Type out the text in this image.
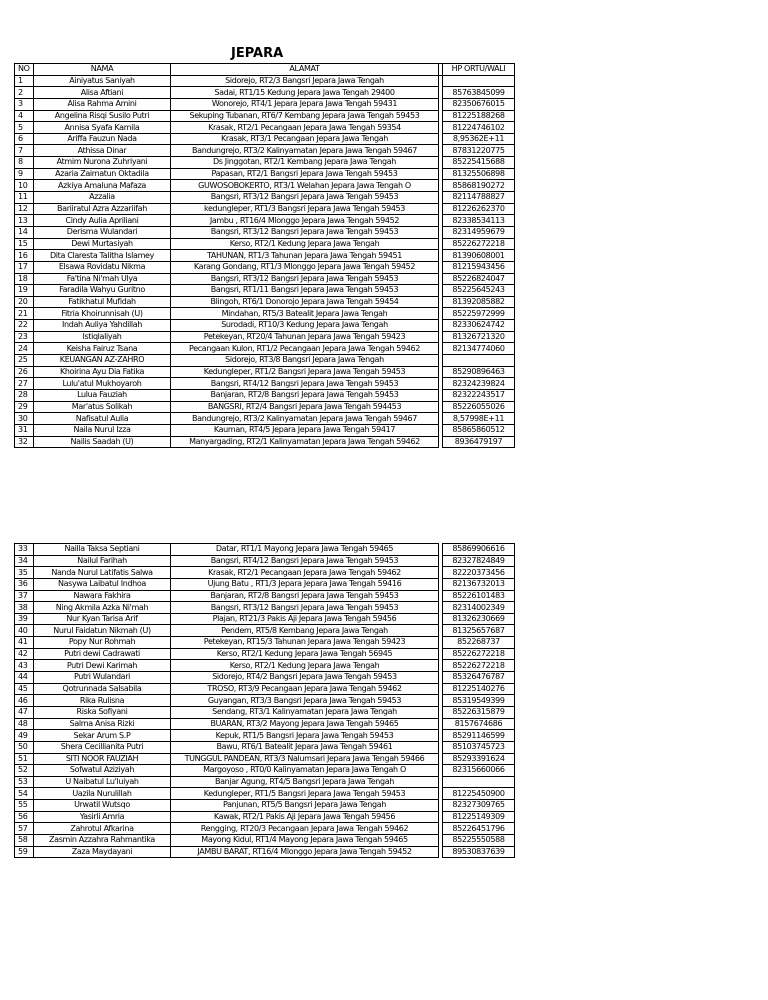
JEPARA
NO	NAMA	ALAMAT		HP ORTU/WALI
1	Ainiyatus Saniyah	Sidorejo, RT2/3 Bangsri Jepara Jawa Tengah		
2	Alisa Aftiani	Sadai, RT1/15 Kedung Jepara Jawa Tengah 29400		85763845099
3	Alisa Rahma Amini	Wonorejo, RT4/1 Jepara Jepara Jawa Tengah 59431		82350676015
4	Angelina Risqi Susilo Putri	Sekuping Tubanan, RT6/7 Kembang Jepara Jawa Tengah 59453		81225188268
5	Annisa Syafa Kamila	Krasak, RT2/1 Pecangaan Jepara Jawa Tengah 59354		81224746102
6	Ariffa Fauzun Nada	Krasak, RT3/1 Pecangaan Jepara Jawa Tengah		8,95362E+11
7	Athissa Dinar	Bandungrejo, RT3/2 Kalinyamatan Jepara Jawa Tengah 59467		87831220775
8	Atmim Nurona Zuhriyani	Ds Jinggotan, RT2/1 Kembang Jepara Jawa Tengah		85225415688
9	Azaria Zaimatun Oktadila	Papasan, RT2/1 Bangsri Jepara Jawa Tengah 59453		81325506898
10	Azkiya Amaluna Mafaza	GUWOSOBOKERTO, RT3/1 Welahan Jepara Jawa Tengah O		85868190272
11	Azzalia	Bangsri, RT3/12 Bangsri Jepara Jawa Tengah 59453		82114788827
12	Bariiratul Azra Azzariifah	kedungleper, RT1/3 Bangsri Jepara Jawa Tengah 59453		81226262370
13	Cindy Aulia Apriliani	Jambu , RT16/4 Mlonggo Jepara Jawa Tengah 59452		82338534113
14	Derisma Wulandari	Bangsri, RT3/12 Bangsri Jepara Jawa Tengah 59453		82314959679
15	Dewi Murtasiyah	Kerso, RT2/1 Kedung Jepara Jawa Tengah		85226272218
16	Dita Claresta Talitha Islamey	TAHUNAN, RT1/3 Tahunan Jepara Jawa Tengah 59451		81390608001
17	Elsawa Rovidatu Nikma	Karang Gondang, RT1/3 Mlonggo Jepara Jawa Tengah 59452		81215943456
18	Fa'tina Ni'mah Ulya	Bangsri, RT3/12 Bangsri Jepara Jawa Tengah 59453		85226824047
19	Faradila Wahyu Guritno	Bangsri, RT1/11 Bangsri Jepara Jawa Tengah 59453		85225645243
20	Fatikhatul Mufidah	Blingoh, RT6/1 Donorojo Jepara Jawa Tengah 59454		81392085882
21	Fitria Khoirunnisah (U)	Mindahan, RT5/3 Batealit Jepara Jawa Tengah		85225972999
22	Indah Auliya Yahdillah	Surodadi, RT10/3 Kedung Jepara Jawa Tengah		82330624742
23	Istiqlaliyah	Petekeyan, RT20/4 Tahunan Jepara Jawa Tengah 59423		81326721320
24	Keisha Fairuz Tsana	Pecangaan Kulon, RT1/2 Pecangaan Jepara Jawa Tengah 59462		82134774060
25	KEUANGAN AZ-ZAHRO	Sidorejo, RT3/8 Bangsri Jepara Jawa Tengah		
26	Khoirina Ayu Dia Fatika	Kedungleper, RT1/2 Bangsri Jepara Jawa Tengah 59453		85290896463
27	Lulu'atul Mukhoyaroh	Bangsri, RT4/12 Bangsri Jepara Jawa Tengah 59453		82324239824
28	Lulua Fauziah	Banjaran, RT2/8 Bangsri Jepara Jawa Tengah 59453		82322243517
29	Mar'atus Solikah	BANGSRI, RT2/4 Bangsri Jepara Jawa Tengah 594453		85226055026
30	Nafisatul Aulia	Bandungrejo, RT3/2 Kalinyamatan Jepara Jawa Tengah 59467		8,57998E+11
31	Naila Nurul Izza	Kauman, RT4/5 Jepara Jepara Jawa Tengah 59417		85865860512
32	Nailis Saadah (U)	Manyargading, RT2/1 Kalinyamatan Jepara Jawa Tengah 59462		8936479197
33	Nailla Taksa Septiani	Datar, RT1/1 Mayong Jepara Jawa Tengah 59465		85869906616
34	Nailul Farihah	Bangsri, RT4/12 Bangsri Jepara Jawa Tengah 59453		82327824849
35	Nanda Nurul Latifatis Salwa	Krasak, RT2/1 Pecangaan Jepara Jawa Tengah 59462		82220373456
36	Nasywa Laibatul Indhoa	Ujung Batu , RT1/3 Jepara Jepara Jawa Tengah 59416		82136732013
37	Nawara Fakhira	Banjaran, RT2/8 Bangsri Jepara Jawa Tengah 59453		85226101483
38	Ning Akmila Azka Ni'mah	Bangsri, RT3/12 Bangsri Jepara Jawa Tengah 59453		82314002349
39	Nur Kyan Tarisa Arif	Plajan, RT21/3 Pakis Aji Jepara Jawa Tengah 59456		81326230669
40	Nurul Faidatun Nikmah (U)	Pendem, RT5/8 Kembang Jepara Jawa Tengah		81325657687
41	Popy Nur Rohmah	Petekeyan, RT15/3 Tahunan Jepara Jawa Tengah 59423		852268737
42	Putri dewi Cadrawati	Kerso, RT2/1 Kedung Jepara Jawa Tengah 56945		85226272218
43	Putri Dewi Karimah	Kerso, RT2/1 Kedung Jepara Jawa Tengah		85226272218
44	Putri Wulandari	Sidorejo, RT4/2 Bangsri Jepara Jawa Tengah 59453		85326476787
45	Qotrunnada Salsabila	TROSO, RT3/9 Pecangaan Jepara Jawa Tengah 59462		81225140276
46	Rika Rulisna	Guyangan, RT3/3 Bangsri Jepara Jawa Tengah 59453		85319549399
47	Riska Sofiyani	Sendang, RT3/1 Kalinyamatan Jepara Jawa Tengah		85226315879
48	Salma Anisa Rizki	BUARAN, RT3/2 Mayong Jepara Jawa Tengah 59465		8157674686
49	Sekar Arum S.P	Kepuk, RT1/5 Bangsri Jepara Jawa Tengah 59453		85291146599
50	Shera Cecillianita Putri	Bawu, RT6/1 Batealit Jepara Jawa Tengah 59461		85103745723
51	SITI NOOR FAUZIAH	TUNGGUL PANDEAN, RT3/3 Nalumsari Jepara Jawa Tengah 59466		85293391624
52	Sofwatul Aziziyah	Margoyoso , RT0/0 Kalinyamatan Jepara Jawa Tengah O		82315660066
53	U Naibatul Lu'luiyah	Banjar Agung, RT4/5 Bangsri Jepara Jawa Tengah		
54	Uazila Nurulillah	Kedungleper, RT1/5 Bangsri Jepara Jawa Tengah 59453		81225450900
55	Urwatil Wutsqo	Panjunan, RT5/5 Bangsri Jepara Jawa Tengah		82327309765
56	Yasirli Amria	Kawak, RT2/1 Pakis Aji Jepara Jawa Tengah 59456		81225149309
57	Zahrotul Afkarina	Rengging, RT20/3 Pecangaan Jepara Jawa Tengah 59462		85226451796
58	Zasmin Azzahra Rahmantika	Mayong Kidul, RT1/4 Mayong Jepara Jawa Tengah 59465		85225550588
59	Zaza Maydayani	JAMBU BARAT, RT16/4 Mlonggo Jepara Jawa Tengah 59452		89530837639
